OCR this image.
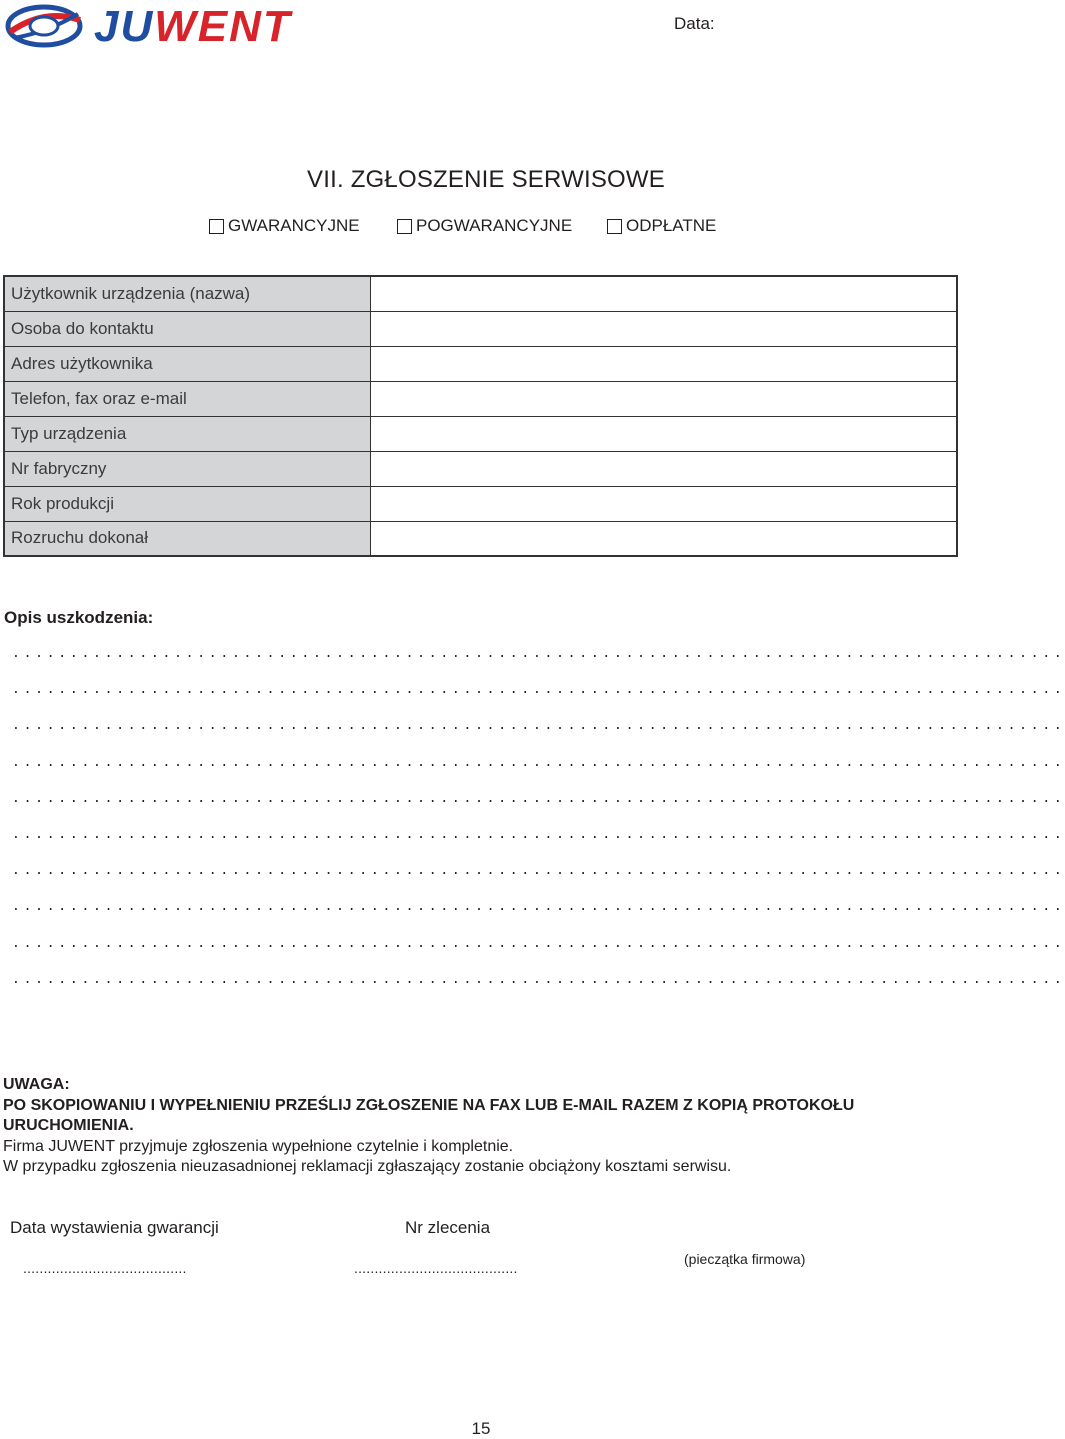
JUWENT	Data:
VII. ZGŁOSZENIE SERWISOWE
GWARANCYJNE	POGWARANCYJNE	ODPŁATNE
Użytkownik urządzenia (nazwa)	
Osoba do kontaktu	
Adres użytkownika	
Telefon, fax oraz e-mail	
Typ urządzenia	
Nr fabryczny	
Rok produkcji	
Rozruchu dokonał	
Opis uszkodzenia:
...........................................................................................
...........................................................................................
...........................................................................................
...........................................................................................
...........................................................................................
...........................................................................................
...........................................................................................
...........................................................................................
...........................................................................................
...........................................................................................
UWAGA:
PO SKOPIOWANIU I WYPEŁNIENIU PRZEŚLIJ ZGŁOSZENIE NA FAX LUB E-MAIL RAZEM Z KOPIĄ PROTOKOŁU URUCHOMIENIA.
Firma JUWENT przyjmuje zgłoszenia wypełnione czytelnie i kompletnie.
W przypadku zgłoszenia nieuzasadnionej reklamacji zgłaszający zostanie obciążony kosztami serwisu.
Data wystawienia gwarancji	Nr zlecenia
........................................	........................................
(pieczątka firmowa)
15
